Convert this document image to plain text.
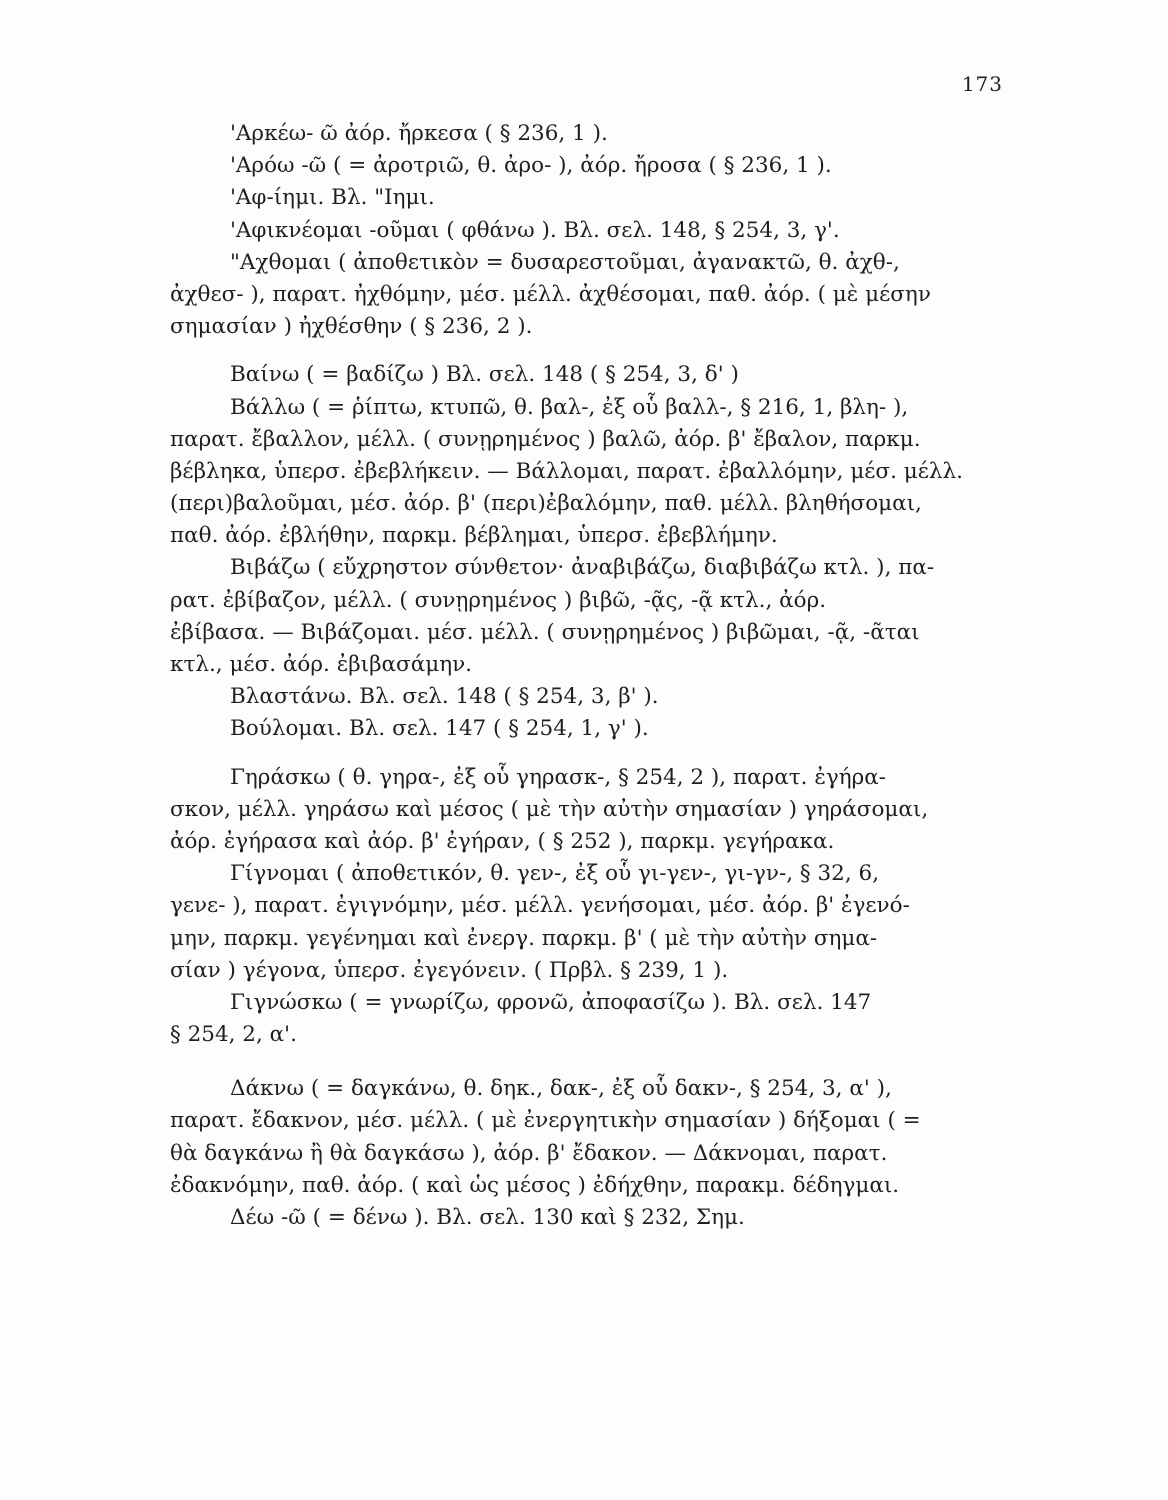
173
'Αρκέω- ῶ ἀόρ. ἤρκεσα ( § 236, 1 ).
'Αρόω -ῶ ( = ἀροτριῶ, θ. ἀρο- ), ἀόρ. ἤροσα ( § 236, 1 ).
'Αφ-ίημι. Βλ. "Ιημι.
'Αφικνέομαι -οῦμαι ( φθάνω ). Βλ. σελ. 148, § 254, 3, γ'.
"Αχθομαι ( ἀποθετικὸν = δυσαρεστοῦμαι, ἀγανακτῶ, θ. ἀχθ-,
ἀχθεσ- ), παρατ. ἠχθόμην, μέσ. μέλλ. ἀχθέσομαι, παθ. ἀόρ. ( μὲ μέσην
σημασίαν ) ἠχθέσθην ( § 236, 2 ).
Βαίνω ( = βαδίζω ) Βλ. σελ. 148 ( § 254, 3, δ' )
Βάλλω ( = ῥίπτω, κτυπῶ, θ. βαλ-, ἐξ οὗ βαλλ-, § 216, 1, βλη- ),
παρατ. ἔβαλλον, μέλλ. ( συνῃρημένος ) βαλῶ, ἀόρ. β' ἔβαλον, παρκμ.
βέβληκα, ὑπερσ. ἐβεβλήκειν. — Βάλλομαι, παρατ. ἐβαλλόμην, μέσ. μέλλ.
(περι)βαλοῦμαι, μέσ. ἀόρ. β' (περι)ἐβαλόμην, παθ. μέλλ. βληθήσομαι,
παθ. ἀόρ. ἐβλήθην, παρκμ. βέβλημαι, ὑπερσ. ἐβεβλήμην.
Βιβάζω ( εὔχρηστον σύνθετον· ἀναβιβάζω, διαβιβάζω κτλ. ), πα-
ρατ. ἐβίβαζον, μέλλ. ( συνῃρημένος ) βιβῶ, -ᾷς, -ᾷ κτλ., ἀόρ.
ἐβίβασα. — Βιβάζομαι. μέσ. μέλλ. ( συνῃρημένος ) βιβῶμαι, -ᾷ, -ᾶται
κτλ., μέσ. ἀόρ. ἐβιβασάμην.
Βλαστάνω. Βλ. σελ. 148 ( § 254, 3, β' ).
Βούλομαι. Βλ. σελ. 147 ( § 254, 1, γ' ).
Γηράσκω ( θ. γηρα-, ἐξ οὗ γηρασκ-, § 254, 2 ), παρατ. ἐγήρα-
σκον, μέλλ. γηράσω καὶ μέσος ( μὲ τὴν αὐτὴν σημασίαν ) γηράσομαι,
ἀόρ. ἐγήρασα καὶ ἀόρ. β' ἐγήραν, ( § 252 ), παρκμ. γεγήρακα.
Γίγνομαι ( ἀποθετικόν, θ. γεν-, ἐξ οὗ γι-γεν-, γι-γν-, § 32, 6,
γενε- ), παρατ. ἐγιγνόμην, μέσ. μέλλ. γενήσομαι, μέσ. ἀόρ. β' ἐγενό-
μην, παρκμ. γεγένημαι καὶ ἐνεργ. παρκμ. β' ( μὲ τὴν αὐτὴν σημα-
σίαν ) γέγονα, ὑπερσ. ἐγεγόνειν. ( Πρβλ. § 239, 1 ).
Γιγνώσκω ( = γνωρίζω, φρονῶ, ἀποφασίζω ). Βλ. σελ. 147
§ 254, 2, α'.
Δάκνω ( = δαγκάνω, θ. δηκ., δακ-, ἐξ οὗ δακν-, § 254, 3, α' ),
παρατ. ἔδακνον, μέσ. μέλλ. ( μὲ ἐνεργητικὴν σημασίαν ) δήξομαι ( =
θὰ δαγκάνω ἢ θὰ δαγκάσω ), ἀόρ. β' ἔδακον. — Δάκνομαι, παρατ.
ἐδακνόμην, παθ. ἀόρ. ( καὶ ὡς μέσος ) ἐδήχθην, παρακμ. δέδηγμαι.
Δέω -ῶ ( = δένω ). Βλ. σελ. 130 καὶ § 232, Σημ.
